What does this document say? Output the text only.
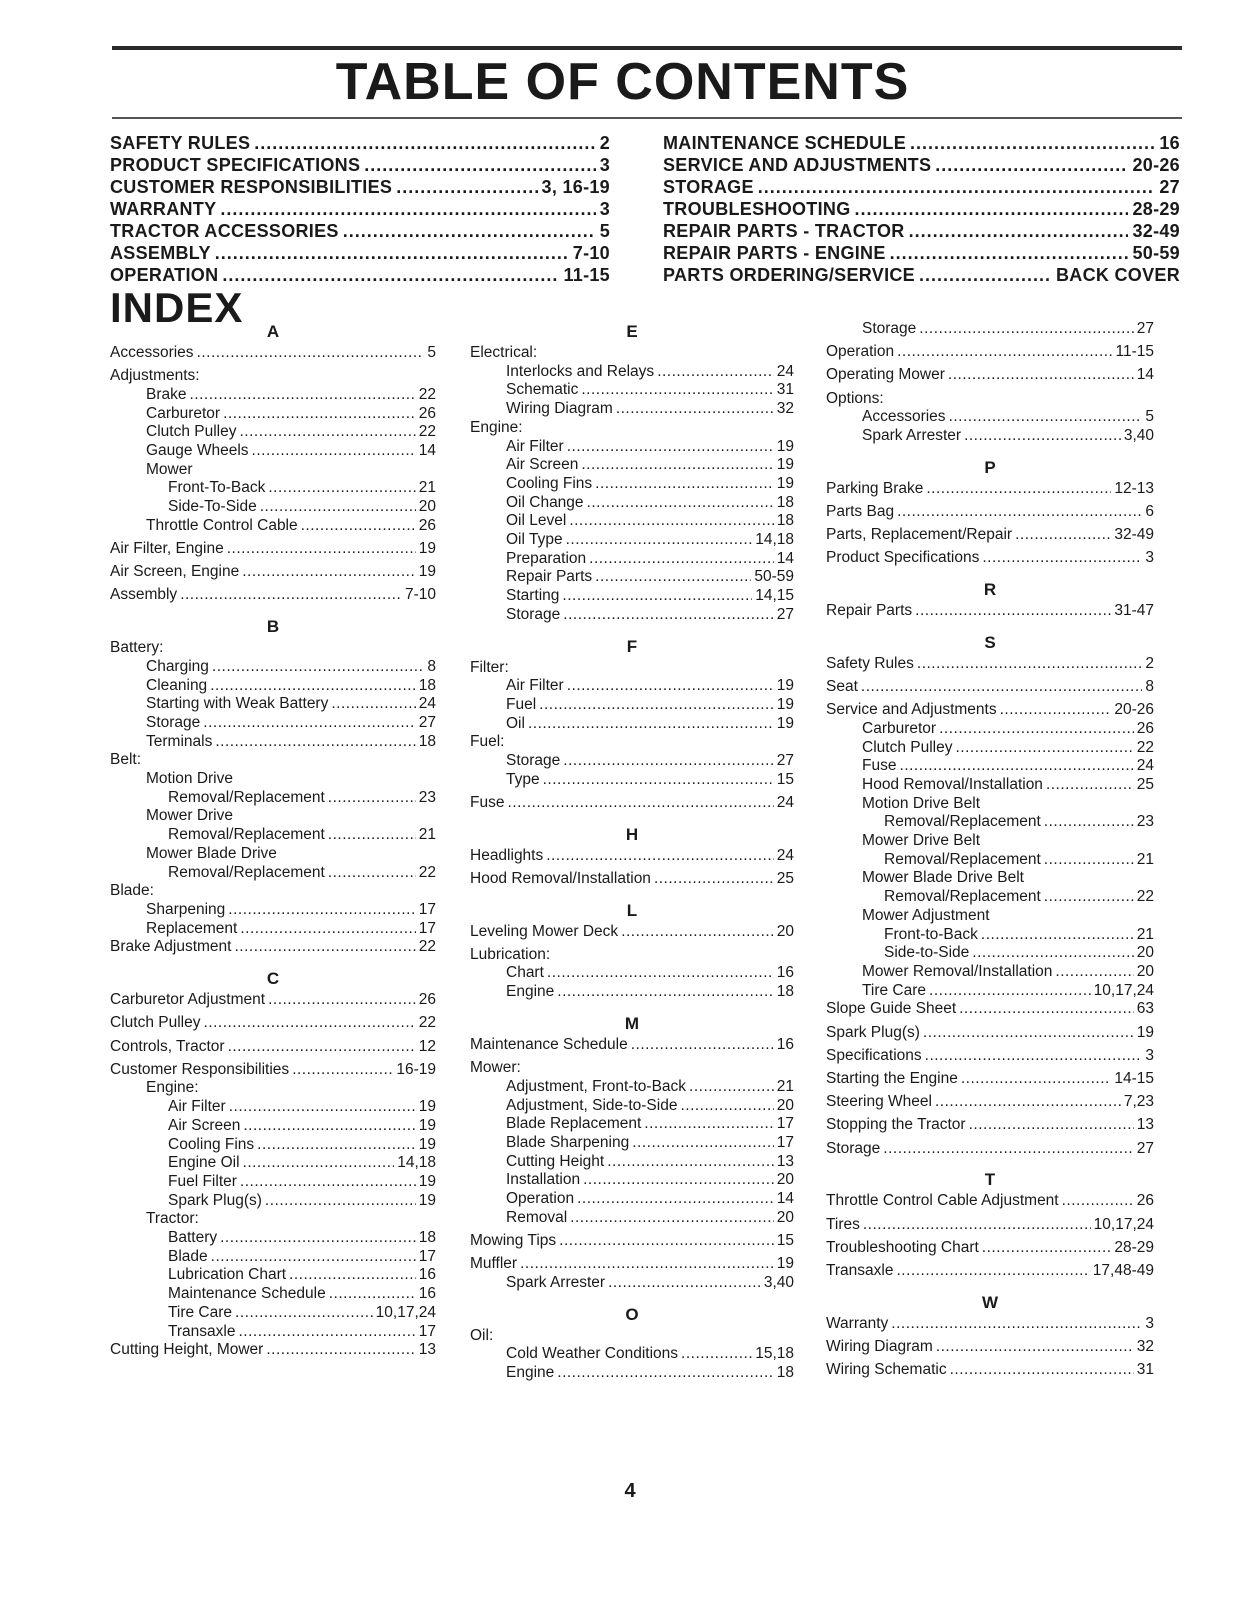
TABLE OF CONTENTS
SAFETY RULES .....	2
PRODUCT SPECIFICATIONS .....	3
CUSTOMER RESPONSIBILITIES .....	3, 16-19
WARRANTY .....	3
TRACTOR ACCESSORIES .....	5
ASSEMBLY .....	7-10
OPERATION .....	11-15
MAINTENANCE SCHEDULE .....	16
SERVICE AND ADJUSTMENTS .....	20-26
STORAGE .....	27
TROUBLESHOOTING .....	28-29
REPAIR PARTS - TRACTOR .....	32-49
REPAIR PARTS - ENGINE .....	50-59
PARTS ORDERING/SERVICE .....	BACK COVER
INDEX
A
Accessories .....	5
Adjustments:
Brake .....	22
Carburetor .....	26
Clutch Pulley .....	22
Gauge Wheels .....	14
Mower
Front-To-Back .....	21
Side-To-Side .....	20
Throttle Control Cable .....	26
Air Filter, Engine .....	19
Air Screen, Engine .....	19
Assembly .....	7-10
B
Battery:
Charging .....	8
Cleaning .....	18
Starting with Weak Battery .....	24
Storage .....	27
Terminals .....	18
Belt:
Motion Drive
Removal/Replacement .....	23
Mower Drive
Removal/Replacement .....	21
Mower Blade Drive
Removal/Replacement .....	22
Blade:
Sharpening .....	17
Replacement .....	17
Brake Adjustment .....	22
C
Carburetor Adjustment .....	26
Clutch Pulley .....	22
Controls, Tractor .....	12
Customer Responsibilities .....	16-19
Engine:
Air Filter .....	19
Air Screen .....	19
Cooling Fins .....	19
Engine Oil .....	14,18
Fuel Filter .....	19
Spark Plug(s) .....	19
Tractor:
Battery .....	18
Blade .....	17
Lubrication Chart .....	16
Maintenance Schedule .....	16
Tire Care .....	10,17,24
Transaxle .....	17
Cutting Height, Mower .....	13
E
Electrical:
Interlocks and Relays .....	24
Schematic .....	31
Wiring Diagram .....	32
Engine:
Air Filter .....	19
Air Screen .....	19
Cooling Fins .....	19
Oil Change .....	18
Oil Level .....	18
Oil Type .....	14,18
Preparation .....	14
Repair Parts .....	50-59
Starting .....	14,15
Storage .....	27
F
Filter:
Air Filter .....	19
Fuel .....	19
Oil .....	19
Fuel:
Storage .....	27
Type .....	15
Fuse .....	24
H
Headlights .....	24
Hood Removal/Installation .....	25
L
Leveling Mower Deck .....	20
Lubrication:
Chart .....	16
Engine .....	18
M
Maintenance Schedule .....	16
Mower:
Adjustment, Front-to-Back .....	21
Adjustment, Side-to-Side .....	20
Blade Replacement .....	17
Blade Sharpening .....	17
Cutting Height .....	13
Installation .....	20
Operation .....	14
Removal .....	20
Mowing Tips .....	15
Muffler .....	19
Spark Arrester .....	3,40
O
Oil:
Cold Weather Conditions .....	15,18
Engine .....	18
Storage .....	27
Operation .....	11-15
Operating Mower .....	14
Options:
Accessories .....	5
Spark Arrester .....	3,40
P
Parking Brake .....	12-13
Parts Bag .....	6
Parts, Replacement/Repair .....	32-49
Product Specifications .....	3
R
Repair Parts .....	31-47
S
Safety Rules .....	2
Seat .....	8
Service and Adjustments .....	20-26
Carburetor .....	26
Clutch Pulley .....	22
Fuse .....	24
Hood Removal/Installation .....	25
Motion Drive Belt
Removal/Replacement .....	23
Mower Drive Belt
Removal/Replacement .....	21
Mower Blade Drive Belt
Removal/Replacement .....	22
Mower Adjustment
Front-to-Back .....	21
Side-to-Side .....	20
Mower Removal/Installation .....	20
Tire Care .....	10,17,24
Slope Guide Sheet .....	63
Spark Plug(s) .....	19
Specifications .....	3
Starting the Engine .....	14-15
Steering Wheel .....	7,23
Stopping the Tractor .....	13
Storage .....	27
T
Throttle Control Cable Adjustment .....	26
Tires .....	10,17,24
Troubleshooting Chart .....	28-29
Transaxle .....	17,48-49
W
Warranty .....	3
Wiring Diagram .....	32
Wiring Schematic .....	31
4
